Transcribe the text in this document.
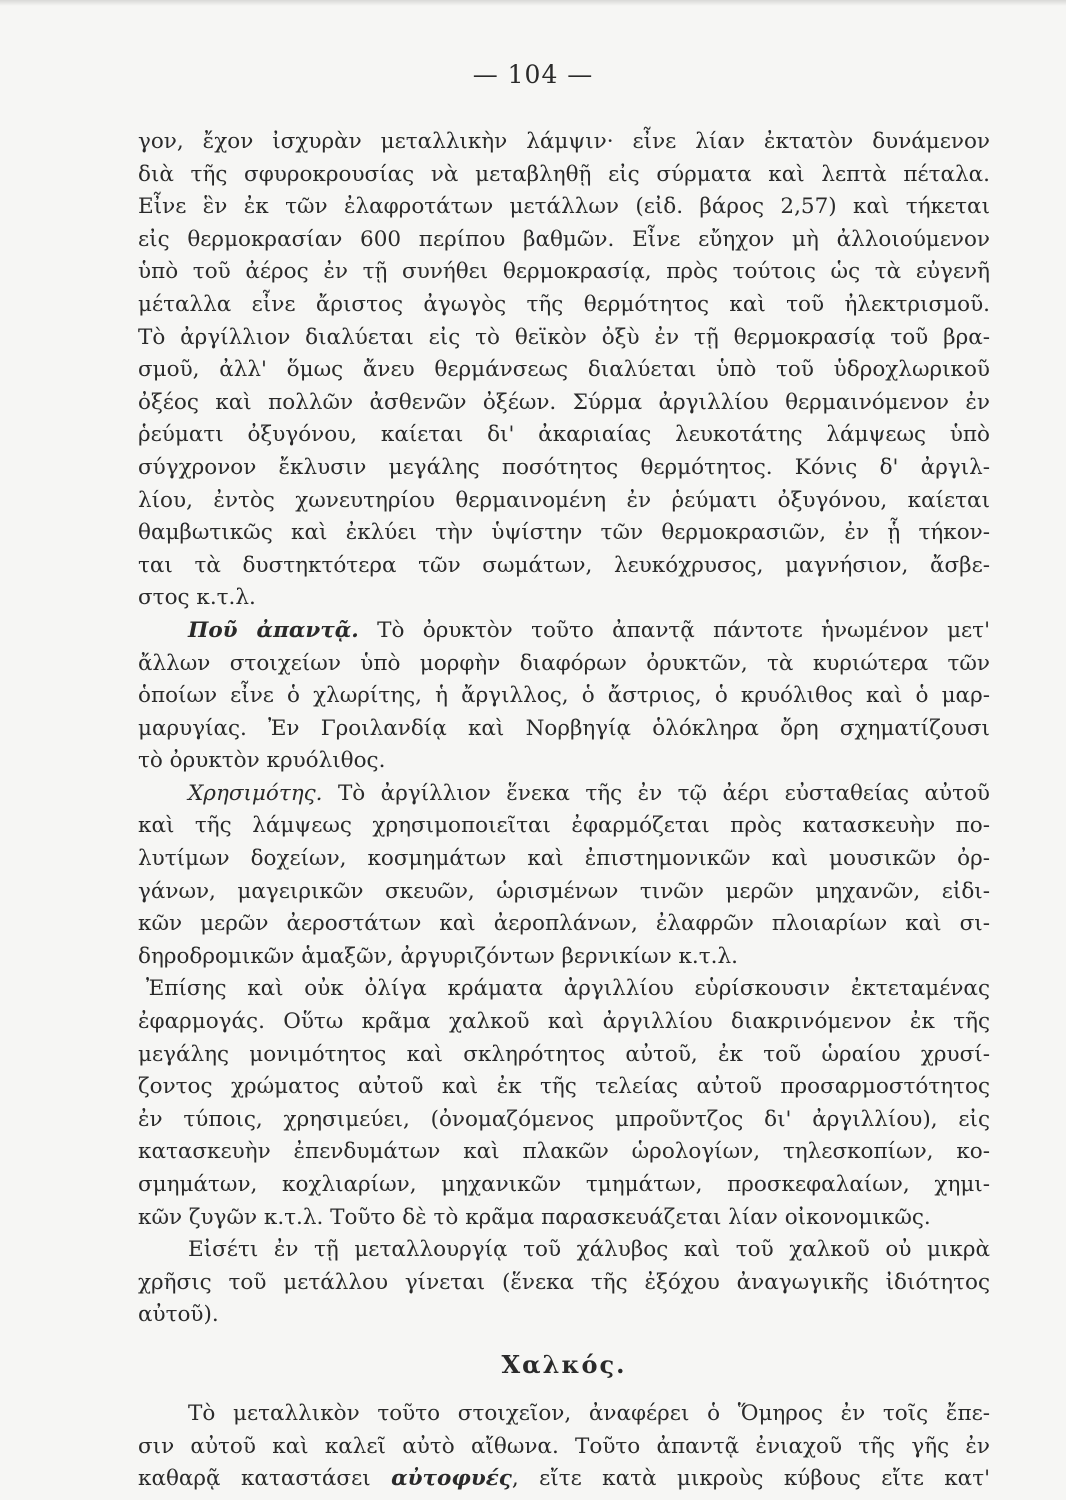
— 104 —
γον, ἔχον ἰσχυρὰν μεταλλικὴν λάμψιν· εἶνε λίαν ἐκτατὸν δυνάμενον
διὰ τῆς σφυροκρουσίας νὰ μεταβληθῇ εἰς σύρματα καὶ λεπτὰ πέταλα.
Εἶνε ἓν ἐκ τῶν ἐλαφροτάτων μετάλλων (εἰδ. βάρος 2,57) καὶ τήκεται
εἰς θερμοκρασίαν 600 περίπου βαθμῶν. Εἶνε εὔηχον μὴ ἀλλοιούμενον
ὑπὸ τοῦ ἀέρος ἐν τῇ συνήθει θερμοκρασίᾳ, πρὸς τούτοις ὡς τὰ εὐγενῆ
μέταλλα εἶνε ἄριστος ἀγωγὸς τῆς θερμότητος καὶ τοῦ ἠλεκτρισμοῦ.
Τὸ ἀργίλλιον διαλύεται εἰς τὸ θεϊκὸν ὀξὺ ἐν τῇ θερμοκρασίᾳ τοῦ βρα-
σμοῦ, ἀλλ' ὅμως ἄνευ θερμάνσεως διαλύεται ὑπὸ τοῦ ὑδροχλωρικοῦ
ὀξέος καὶ πολλῶν ἀσθενῶν ὀξέων. Σύρμα ἀργιλλίου θερμαινόμενον ἐν
ῥεύματι ὀξυγόνου, καίεται δι' ἀκαριαίας λευκοτάτης λάμψεως ὑπὸ
σύγχρονον ἔκλυσιν μεγάλης ποσότητος θερμότητος. Κόνις δ' ἀργιλ-
λίου, ἐντὸς χωνευτηρίου θερμαινομένη ἐν ῥεύματι ὀξυγόνου, καίεται
θαμβωτικῶς καὶ ἐκλύει τὴν ὑψίστην τῶν θερμοκρασιῶν, ἐν ᾗ τήκον-
ται τὰ δυστηκτότερα τῶν σωμάτων, λευκόχρυσος, μαγνήσιον, ἄσβε-
στος κ.τ.λ.
Ποῦ ἀπαντᾷ. Τὸ ὀρυκτὸν τοῦτο ἀπαντᾷ πάντοτε ἡνωμένον μετ'
ἄλλων στοιχείων ὑπὸ μορφὴν διαφόρων ὀρυκτῶν, τὰ κυριώτερα τῶν
ὁποίων εἶνε ὁ χλωρίτης, ἡ ἄργιλλος, ὁ ἄστριος, ὁ κρυόλιθος καὶ ὁ μαρ-
μαρυγίας. Ἐν Γροιλανδίᾳ καὶ Νορβηγίᾳ ὁλόκληρα ὄρη σχηματίζουσι
τὸ ὀρυκτὸν κρυόλιθος.
Χρησιμότης. Τὸ ἀργίλλιον ἕνεκα τῆς ἐν τῷ ἀέρι εὐσταθείας αὐτοῦ
καὶ τῆς λάμψεως χρησιμοποιεῖται ἐφαρμόζεται πρὸς κατασκευὴν πο-
λυτίμων δοχείων, κοσμημάτων καὶ ἐπιστημονικῶν καὶ μουσικῶν ὀρ-
γάνων, μαγειρικῶν σκευῶν, ὡρισμένων τινῶν μερῶν μηχανῶν, εἰδι-
κῶν μερῶν ἀεροστάτων καὶ ἀεροπλάνων, ἐλαφρῶν πλοιαρίων καὶ σι-
δηροδρομικῶν ἁμαξῶν, ἀργυριζόντων βερνικίων κ.τ.λ.
Ἐπίσης καὶ οὐκ ὀλίγα κράματα ἀργιλλίου εὑρίσκουσιν ἐκτεταμένας
ἐφαρμογάς. Οὕτω κρᾶμα χαλκοῦ καὶ ἀργιλλίου διακρινόμενον ἐκ τῆς
μεγάλης μονιμότητος καὶ σκληρότητος αὐτοῦ, ἐκ τοῦ ὡραίου χρυσί-
ζοντος χρώματος αὐτοῦ καὶ ἐκ τῆς τελείας αὐτοῦ προσαρμοστότητος
ἐν τύποις, χρησιμεύει, (ὀνομαζόμενος μπροῦντζος δι' ἀργιλλίου), εἰς
κατασκευὴν ἐπενδυμάτων καὶ πλακῶν ὡρολογίων, τηλεσκοπίων, κο-
σμημάτων, κοχλιαρίων, μηχανικῶν τμημάτων, προσκεφαλαίων, χημι-
κῶν ζυγῶν κ.τ.λ. Τοῦτο δὲ τὸ κρᾶμα παρασκευάζεται λίαν οἰκονομικῶς.
Εἰσέτι ἐν τῇ μεταλλουργίᾳ τοῦ χάλυβος καὶ τοῦ χαλκοῦ οὐ μικρὰ
χρῆσις τοῦ μετάλλου γίνεται (ἕνεκα τῆς ἐξόχου ἀναγωγικῆς ἰδιότητος
αὐτοῦ).
Χαλκός.
Τὸ μεταλλικὸν τοῦτο στοιχεῖον, ἀναφέρει ὁ Ὅμηρος ἐν τοῖς ἔπε-
σιν αὐτοῦ καὶ καλεῖ αὐτὸ αἴθωνα. Τοῦτο ἀπαντᾷ ἐνιαχοῦ τῆς γῆς ἐν
καθαρᾷ καταστάσει αὐτοφυές, εἴτε κατὰ μικροὺς κύβους εἴτε κατ'
